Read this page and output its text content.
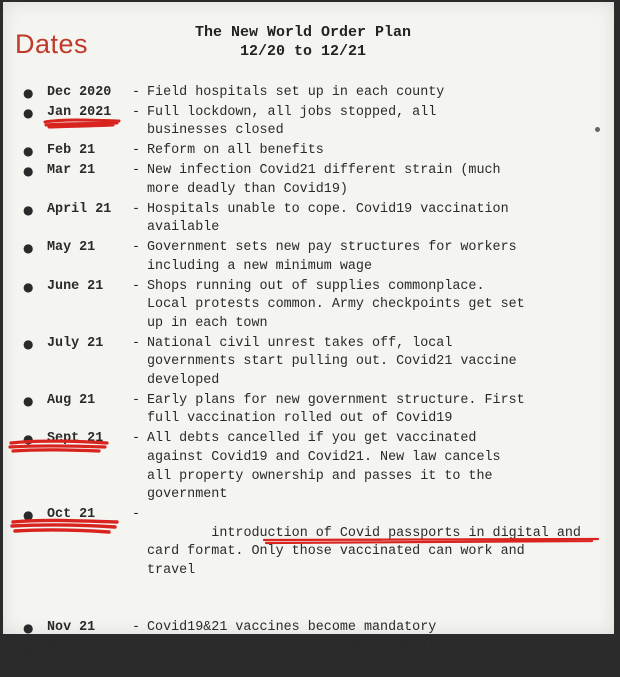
Dates	The New World Order Plan
12/20 to 12/21
● Dec 2020	- Field hospitals set up in each county
● Jan 2021	- Full lockdown, all jobs stopped, all
businesses closed
● Feb 21	- Reform on all benefits
● Mar 21	- New infection Covid21 different strain (much
more deadly than Covid19)
● April 21	- Hospitals unable to cope. Covid19 vaccination
available
● May 21	- Government sets new pay structures for workers
including a new minimum wage
● June 21	- Shops running out of supplies commonplace.
Local protests common. Army checkpoints get set
up in each town
● July 21	- National civil unrest takes off, local
governments start pulling out. Covid21 vaccine
developed
● Aug 21	- Early plans for new government structure. First
full vaccination rolled out of Covid19
● Sept 21	- All debts cancelled if you get vaccinated
against Covid19 and Covid21. New law cancels
all property ownership and passes it to the
government
● Oct 21	-

introduction of Covid passports in digital and
card format. Only those vaccinated can work and
travel

● Nov 21	- Covid19&21 vaccines become mandatory
● Dec 21	- Covid passports change name to Health passports
and become accepted as the normal way of life.
